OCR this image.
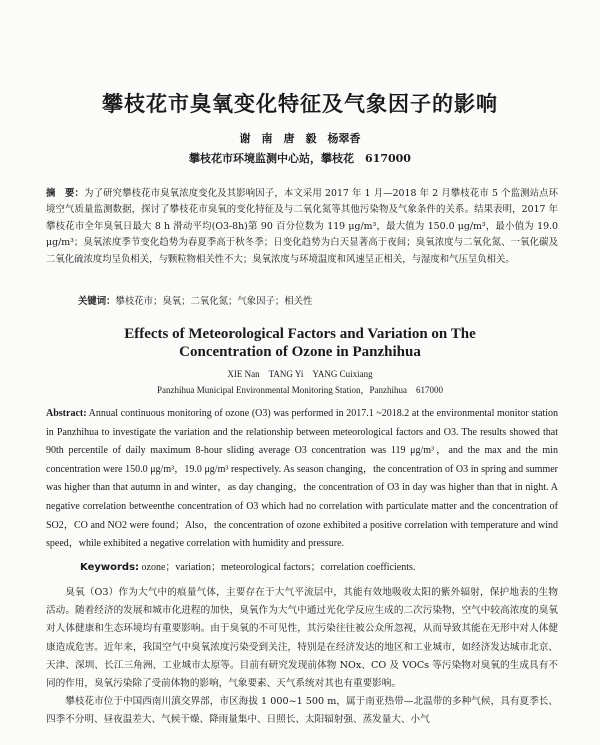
攀枝花市臭氧变化特征及气象因子的影响
谢　南　唐　毅　杨翠香
攀枝花市环境监测中心站，攀枝花　617000
摘　要：为了研究攀枝花市臭氧浓度变化及其影响因子，本文采用 2017 年 1 月—2018 年 2 月攀枝花市 5 个监测站点环境空气质量监测数据，探讨了攀枝花市臭氧的变化特征及与二氧化氮等其他污染物及气象条件的关系。结果表明，2017 年攀枝花市全年臭氧日最大 8 h 滑动平均(O3-8h)第 90 百分位数为 119 μg/m³，最大值为 150.0 μg/m³，最小值为 19.0 μg/m³；臭氧浓度季节变化趋势为春夏季高于秋冬季；日变化趋势为白天显著高于夜间；臭氧浓度与二氧化氮、一氧化碳及二氧化硫浓度均呈负相关，与颗粒物相关性不大；臭氧浓度与环境温度和风速呈正相关，与湿度和气压呈负相关。
关键词：攀枝花市；臭氧；二氧化氮；气象因子；相关性
Effects of Meteorological Factors and Variation on The
Concentration of Ozone in Panzhihua
XIE Nan　TANG Yi　YANG Cuixiang
Panzhihua Municipal Environmental Monitoring Station，Panzhihua　617000
Abstract: Annual continuous monitoring of ozone (O3) was performed in 2017.1 ~2018.2 at the environmental monitor station in Panzhihua to investigate the variation and the relationship between meteorological factors and O3. The results showed that 90th percentile of daily maximum 8-hour sliding average O3 concentration was 119 μg/m³，and the max and the min concentration were 150.0 μg/m³，19.0 μg/m³ respectively. As season changing，the concentration of O3 in spring and summer was higher than that autumn in and winter，as day changing，the concentration of O3 in day was higher than that in night. A negative correlation betweenthe concentration of O3 which had no correlation with particulate matter and the concentration of SO2，CO and NO2 were found；Also，the concentration of ozone exhibited a positive correlation with temperature and wind speed，while exhibited a negative correlation with humidity and pressure.
Keywords: ozone；variation；meteorological factors；correlation coefficients.

臭氧（O3）作为大气中的痕量气体，主要存在于大气平流层中，其能有效地吸收太阳的紫外辐射，保护地表的生物活动。随着经济的发展和城市化进程的加快，臭氧作为大气中通过光化学反应生成的二次污染物，空气中较高浓度的臭氧对人体健康和生态环境均有重要影响。由于臭氧的不可见性，其污染往往被公众所忽视，从而导致其能在无形中对人体健康造成危害。近年来，我国空气中臭氧浓度污染受到关注，特别是在经济发达的地区和工业城市，如经济发达城市北京、天津、深圳、长江三角洲、工业城市太原等。目前有研究发现前体物 NOx、CO 及 VOCs 等污染物对臭氧的生成具有不同的作用，臭氧污染除了受前体物的影响，气象要素、天气系统对其也有重要影响。

攀枝花市位于中国西南川滇交界部，市区海拔 1 000~1 500 m，属于南亚热带—北温带的多种气候，具有夏季长、四季不分明、昼夜温差大、气候干燥、降雨量集中、日照长、太阳辐射强、蒸发量大、小气
